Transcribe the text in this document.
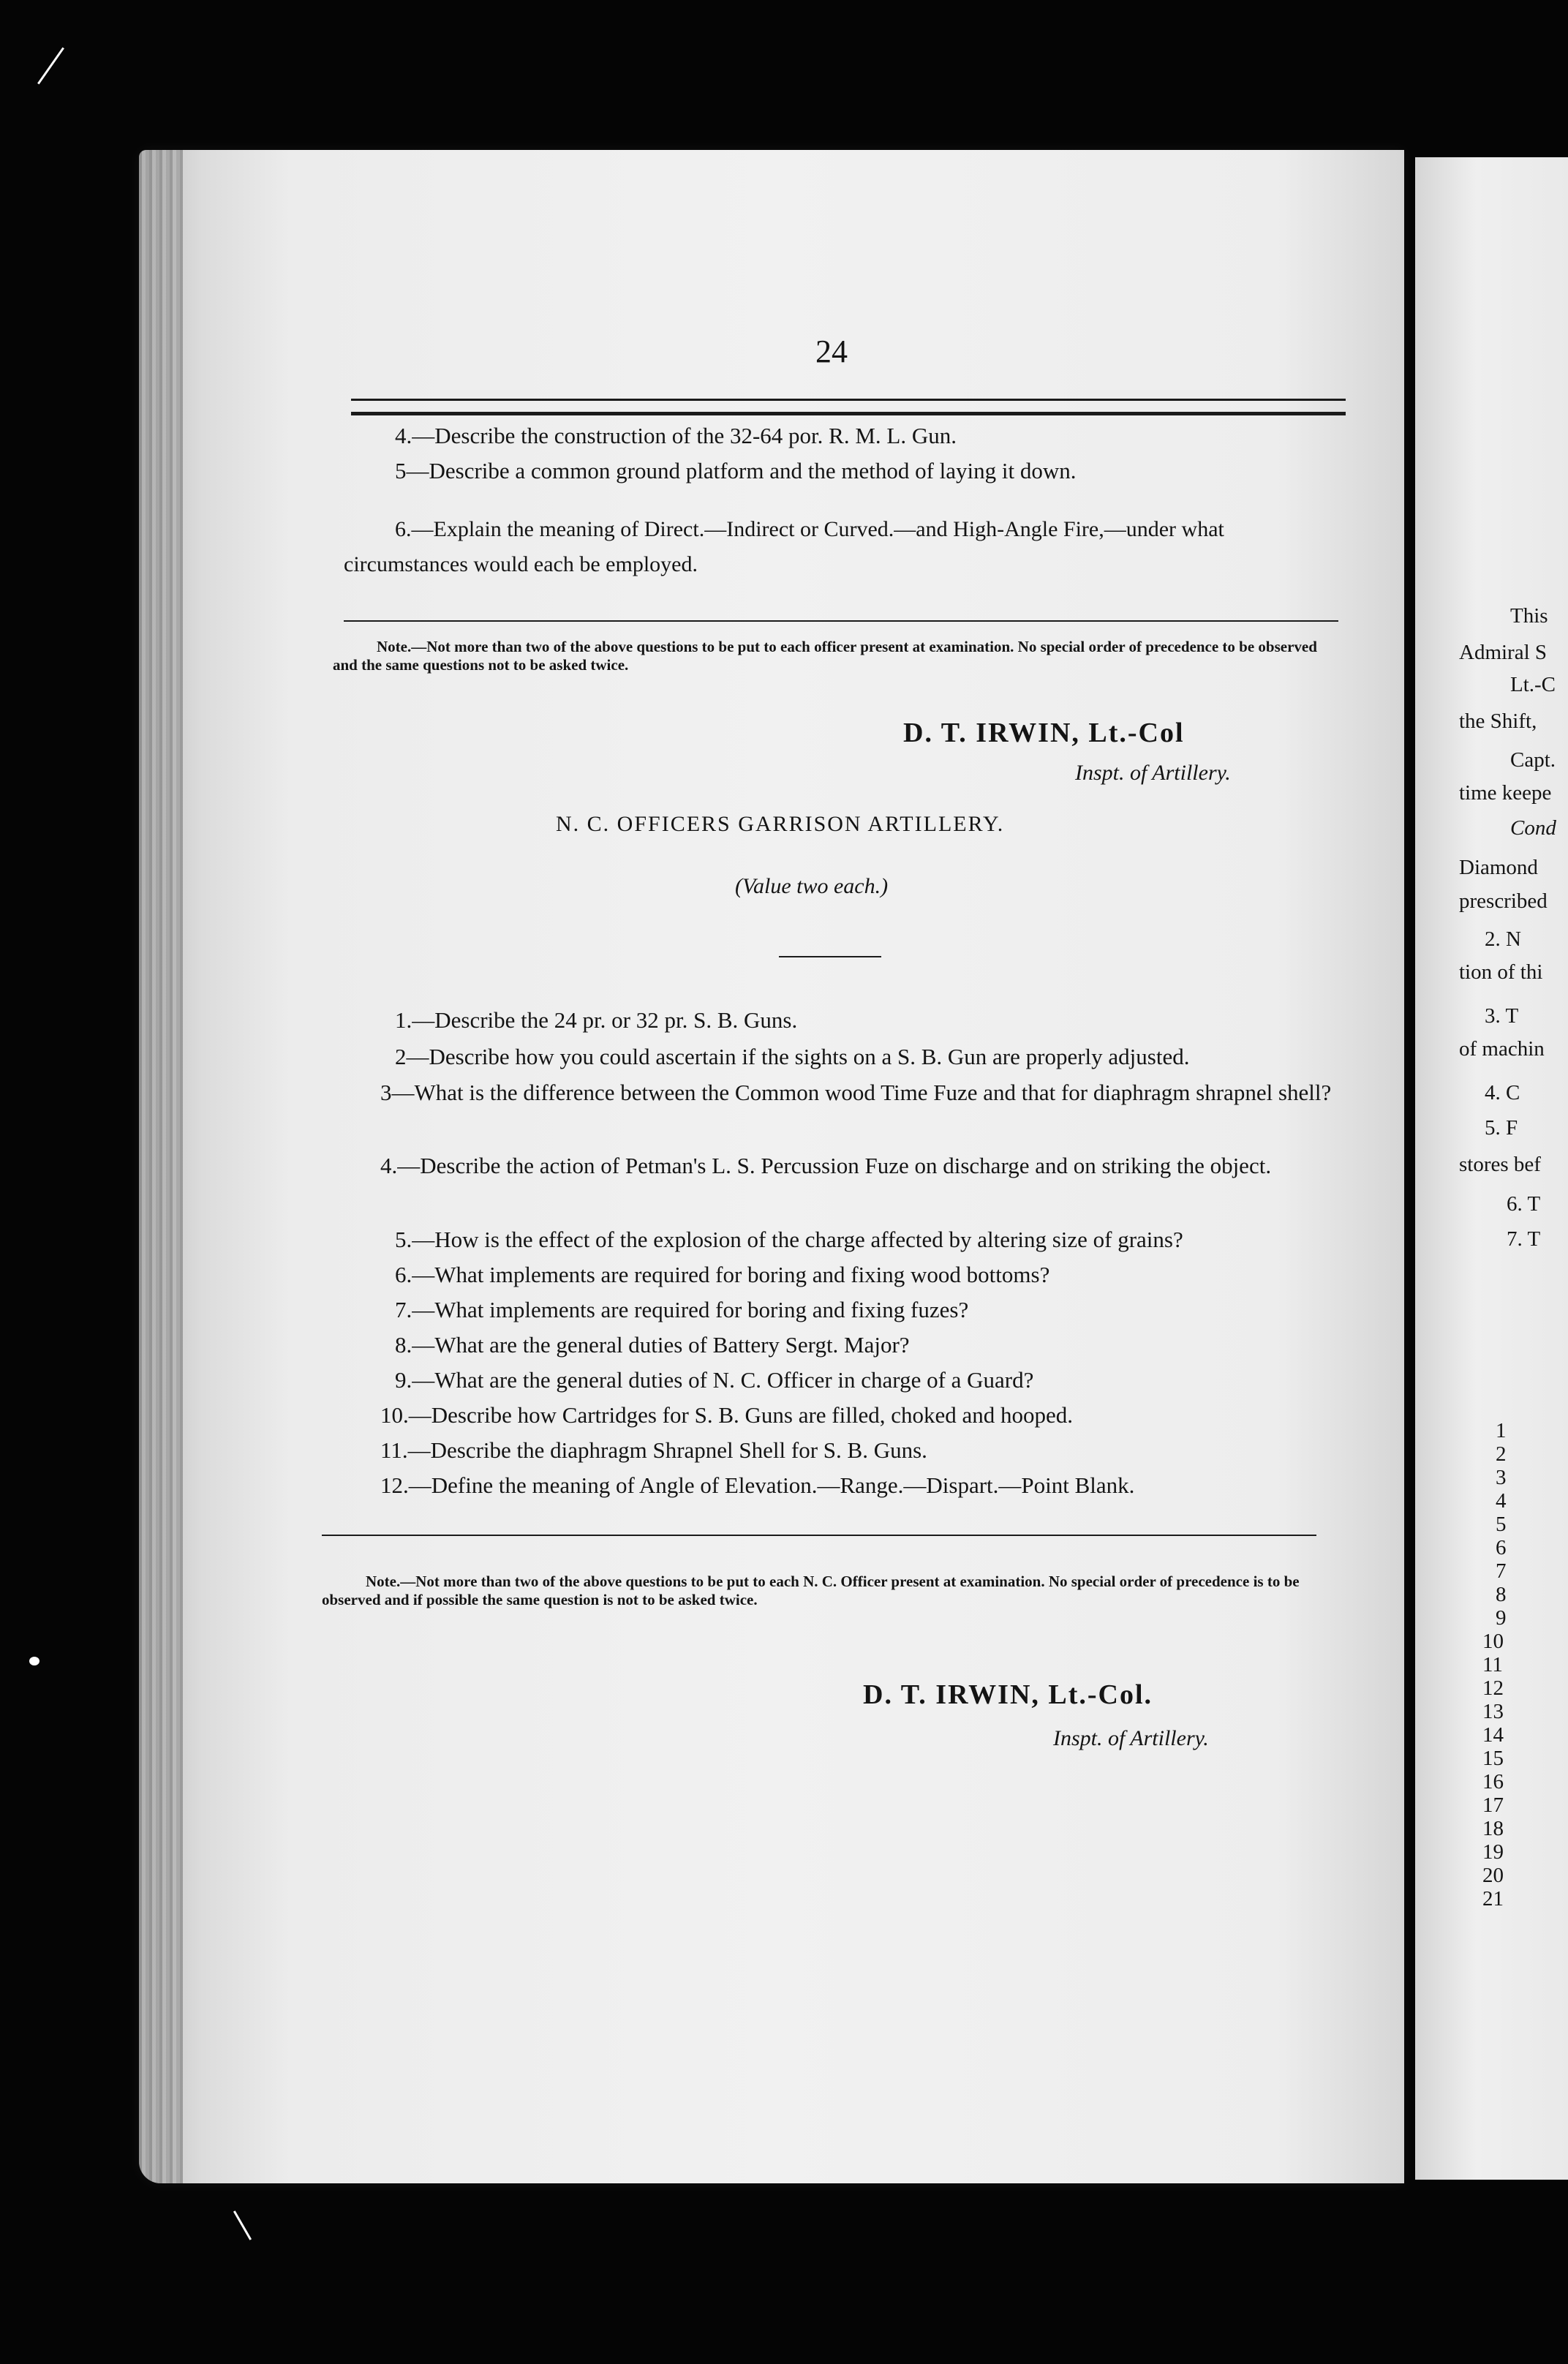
24
4.—Describe the construction of the 32-64 por. R. M. L. Gun.
5—Describe a common ground platform and the method of laying it down.
6.—Explain the meaning of Direct.—Indirect or Curved.—and High-Angle Fire,—under what circumstances would each be employed.
Note.—Not more than two of the above questions to be put to each officer present at examination. No special order of precedence to be observed and the same questions not to be asked twice.
D. T. IRWIN, Lt.-Col
Inspt. of Artillery.
N. C. OFFICERS GARRISON ARTILLERY.
(Value two each.)
1.—Describe the 24 pr. or 32 pr. S. B. Guns.
2—Describe how you could ascertain if the sights on a S. B. Gun are properly adjusted.
3—What is the difference between the Common wood Time Fuze and that for diaphragm shrapnel shell?
4.—Describe the action of Petman's L. S. Percussion Fuze on discharge and on striking the object.
5.—How is the effect of the explosion of the charge affected by altering size of grains?
6.—What implements are required for boring and fixing wood bottoms?
7.—What implements are required for boring and fixing fuzes?
8.—What are the general duties of Battery Sergt. Major?
9.—What are the general duties of N. C. Officer in charge of a Guard?
10.—Describe how Cartridges for S. B. Guns are filled, choked and hooped.
11.—Describe the diaphragm Shrapnel Shell for S. B. Guns.
12.—Define the meaning of Angle of Elevation.—Range.—Dispart.—Point Blank.
Note.—Not more than two of the above questions to be put to each N. C. Officer present at examination. No special order of precedence is to be observed and if possible the same question is not to be asked twice.
D. T. IRWIN, Lt.-Col.
Inspt. of Artillery.
This
Admiral S
Lt.-C
the Shift,
Capt.
time keepe
Cond
Diamond
prescribed
2. N
tion of thi
3. T
of machin
4. C
5. F
stores bef
6. T
7. T
1
2
3
4
5
6
7
8
9
10
11
12
13
14
15
16
17
18
19
20
21
